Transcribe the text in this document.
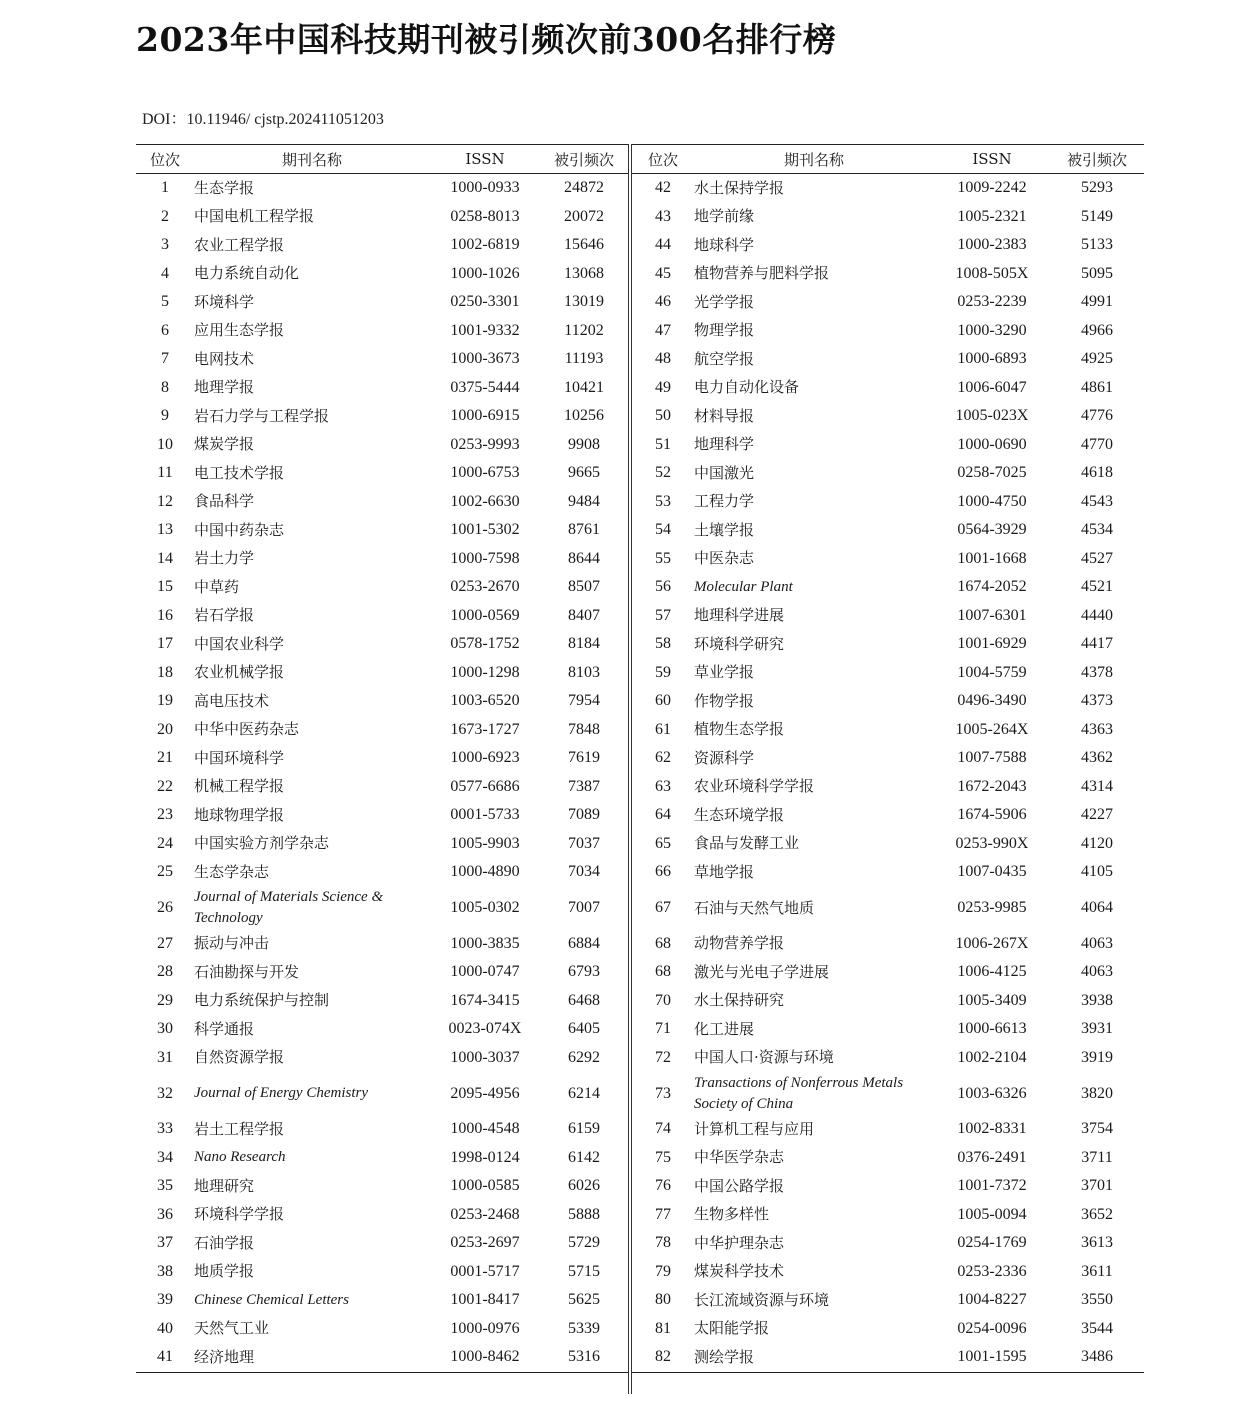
2023年中国科技期刊被引频次前300名排行榜
DOI：10.11946/ cjstp.202411051203
位次	期刊名称	ISSN	被引频次
1	生态学报	1000-0933	24872
2	中国电机工程学报	0258-8013	20072
3	农业工程学报	1002-6819	15646
4	电力系统自动化	1000-1026	13068
5	环境科学	0250-3301	13019
6	应用生态学报	1001-9332	11202
7	电网技术	1000-3673	11193
8	地理学报	0375-5444	10421
9	岩石力学与工程学报	1000-6915	10256
10	煤炭学报	0253-9993	9908
11	电工技术学报	1000-6753	9665
12	食品科学	1002-6630	9484
13	中国中药杂志	1001-5302	8761
14	岩土力学	1000-7598	8644
15	中草药	0253-2670	8507
16	岩石学报	1000-0569	8407
17	中国农业科学	0578-1752	8184
18	农业机械学报	1000-1298	8103
19	高电压技术	1003-6520	7954
20	中华中医药杂志	1673-1727	7848
21	中国环境科学	1000-6923	7619
22	机械工程学报	0577-6686	7387
23	地球物理学报	0001-5733	7089
24	中国实验方剂学杂志	1005-9903	7037
25	生态学杂志	1000-4890	7034
26	Journal of Materials Science & Technology	1005-0302	7007
27	振动与冲击	1000-3835	6884
28	石油勘探与开发	1000-0747	6793
29	电力系统保护与控制	1674-3415	6468
30	科学通报	0023-074X	6405
31	自然资源学报	1000-3037	6292
32	Journal of Energy Chemistry	2095-4956	6214
33	岩土工程学报	1000-4548	6159
34	Nano Research	1998-0124	6142
35	地理研究	1000-0585	6026
36	环境科学学报	0253-2468	5888
37	石油学报	0253-2697	5729
38	地质学报	0001-5717	5715
39	Chinese Chemical Letters	1001-8417	5625
40	天然气工业	1000-0976	5339
41	经济地理	1000-8462	5316
位次	期刊名称	ISSN	被引频次
42	水土保持学报	1009-2242	5293
43	地学前缘	1005-2321	5149
44	地球科学	1000-2383	5133
45	植物营养与肥料学报	1008-505X	5095
46	光学学报	0253-2239	4991
47	物理学报	1000-3290	4966
48	航空学报	1000-6893	4925
49	电力自动化设备	1006-6047	4861
50	材料导报	1005-023X	4776
51	地理科学	1000-0690	4770
52	中国激光	0258-7025	4618
53	工程力学	1000-4750	4543
54	土壤学报	0564-3929	4534
55	中医杂志	1001-1668	4527
56	Molecular Plant	1674-2052	4521
57	地理科学进展	1007-6301	4440
58	环境科学研究	1001-6929	4417
59	草业学报	1004-5759	4378
60	作物学报	0496-3490	4373
61	植物生态学报	1005-264X	4363
62	资源科学	1007-7588	4362
63	农业环境科学学报	1672-2043	4314
64	生态环境学报	1674-5906	4227
65	食品与发酵工业	0253-990X	4120
66	草地学报	1007-0435	4105
67	石油与天然气地质	0253-9985	4064
68	动物营养学报	1006-267X	4063
68	激光与光电子学进展	1006-4125	4063
70	水土保持研究	1005-3409	3938
71	化工进展	1000-6613	3931
72	中国人口·资源与环境	1002-2104	3919
73	Transactions of Nonferrous Metals Society of China	1003-6326	3820
74	计算机工程与应用	1002-8331	3754
75	中华医学杂志	0376-2491	3711
76	中国公路学报	1001-7372	3701
77	生物多样性	1005-0094	3652
78	中华护理杂志	0254-1769	3613
79	煤炭科学技术	0253-2336	3611
80	长江流域资源与环境	1004-8227	3550
81	太阳能学报	0254-0096	3544
82	测绘学报	1001-1595	3486
